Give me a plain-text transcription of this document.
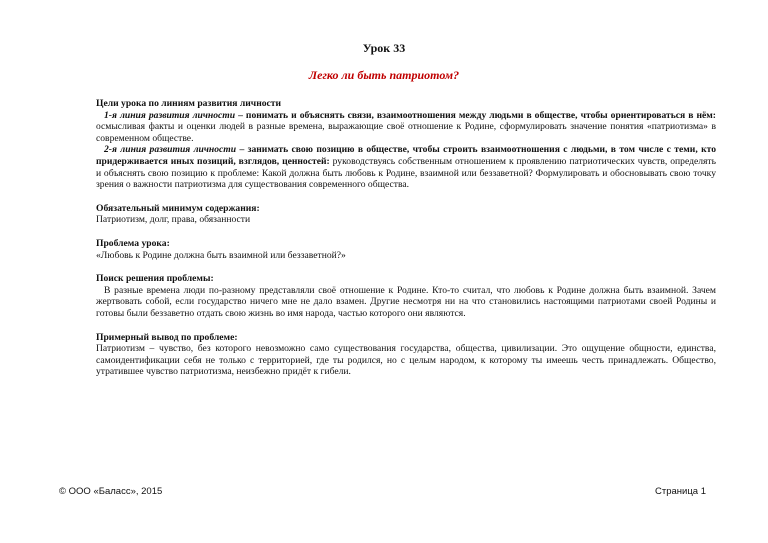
Урок 33
Легко ли быть патриотом?

Цели урока по линиям развития личности

1-я линия развития личности – понимать и объяснять связи, взаимоотношения между людьми в обществе, чтобы ориентироваться в нём: осмысливая факты и оценки людей в разные времена, выражающие своё отношение к Родине, сформулировать значение понятия «патриотизма» в современном обществе.

2-я линия развития личности – занимать свою позицию в обществе, чтобы строить взаимоотношения с людьми, в том числе с теми, кто придерживается иных позиций, взглядов, ценностей: руководствуясь собственным отношением к проявлению патриотических чувств, определять и объяснять свою позицию к проблеме: Какой должна быть любовь к Родине, взаимной или беззаветной? Формулировать и обосновывать свою точку зрения о важности патриотизма для существования современного общества.

Обязательный минимум содержания:

Патриотизм, долг, права, обязанности

Проблема урока:

«Любовь к Родине должна быть взаимной или беззаветной?»

Поиск решения проблемы:

В разные времена люди по-разному представляли своё отношение к Родине. Кто-то считал, что любовь к Родине должна быть взаимной. Зачем жертвовать собой, если государство ничего мне не дало взамен. Другие несмотря ни на что становились настоящими патриотами своей Родины и готовы были беззаветно отдать свою жизнь во имя народа, частью которого они являются.

Примерный вывод по проблеме:

Патриотизм – чувство, без которого невозможно само существования государства, общества, цивилизации. Это ощущение общности, единства, самоидентификации себя не только с территорией, где ты родился, но с целым народом, к которому ты имеешь честь принадлежать. Общество, утратившее чувство патриотизма, неизбежно придёт к гибели.

© ООО «Баласс», 2015	Страница 1
